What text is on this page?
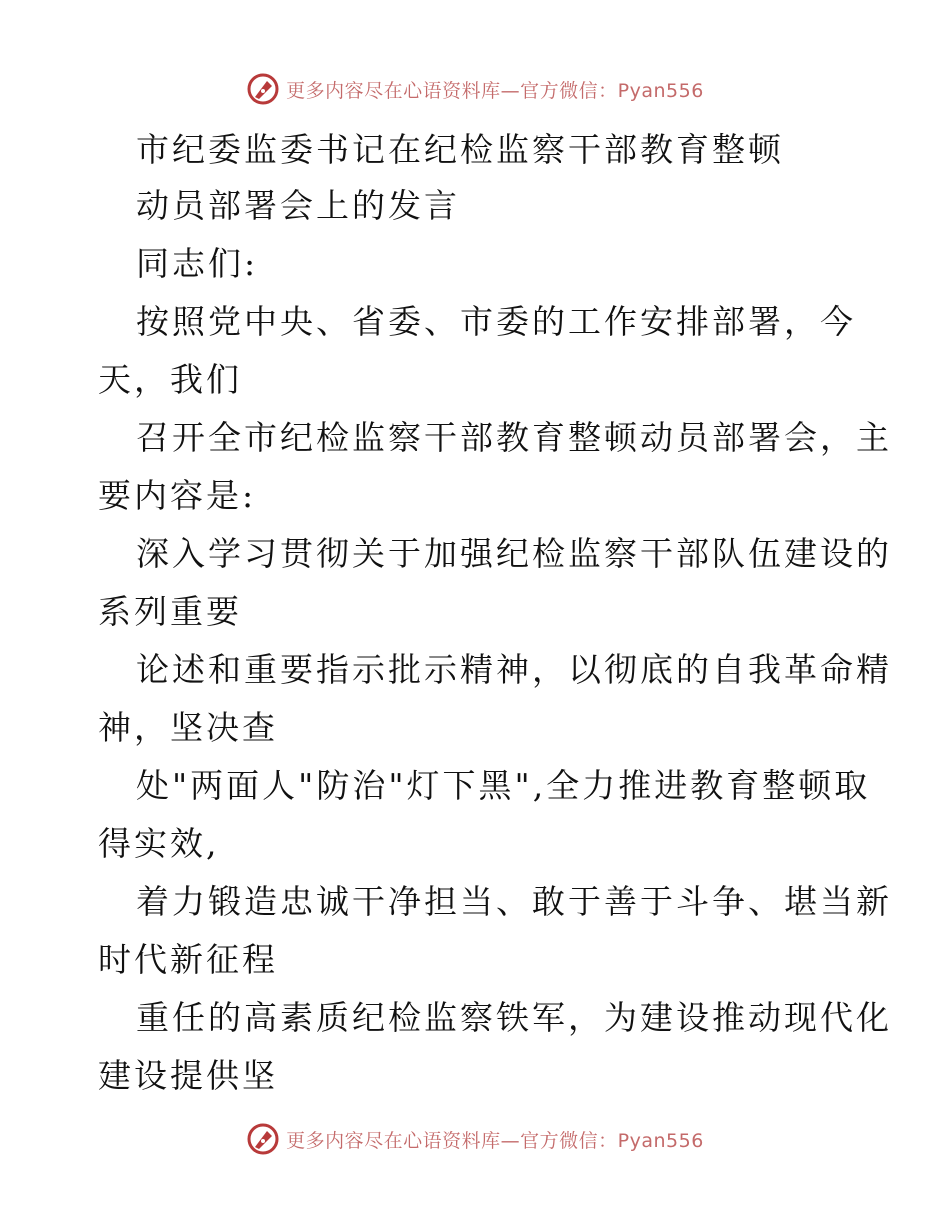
更多内容尽在心语资料库—官方微信：Pyan556
市纪委监委书记在纪检监察干部教育整顿
动员部署会上的发言
同志们:
按照党中央、省委、市委的工作安排部署，今
天，我们
召开全市纪检监察干部教育整顿动员部署会，主
要内容是:
深入学习贯彻关于加强纪检监察干部队伍建设的
系列重要
论述和重要指示批示精神，以彻底的自我革命精
神，坚决查
处"两面人"防治"灯下黑",全力推进教育整顿取
得实效,
着力锻造忠诚干净担当、敢于善于斗争、堪当新
时代新征程
重任的高素质纪检监察铁军，为建设推动现代化
建设提供坚
更多内容尽在心语资料库—官方微信：Pyan556
